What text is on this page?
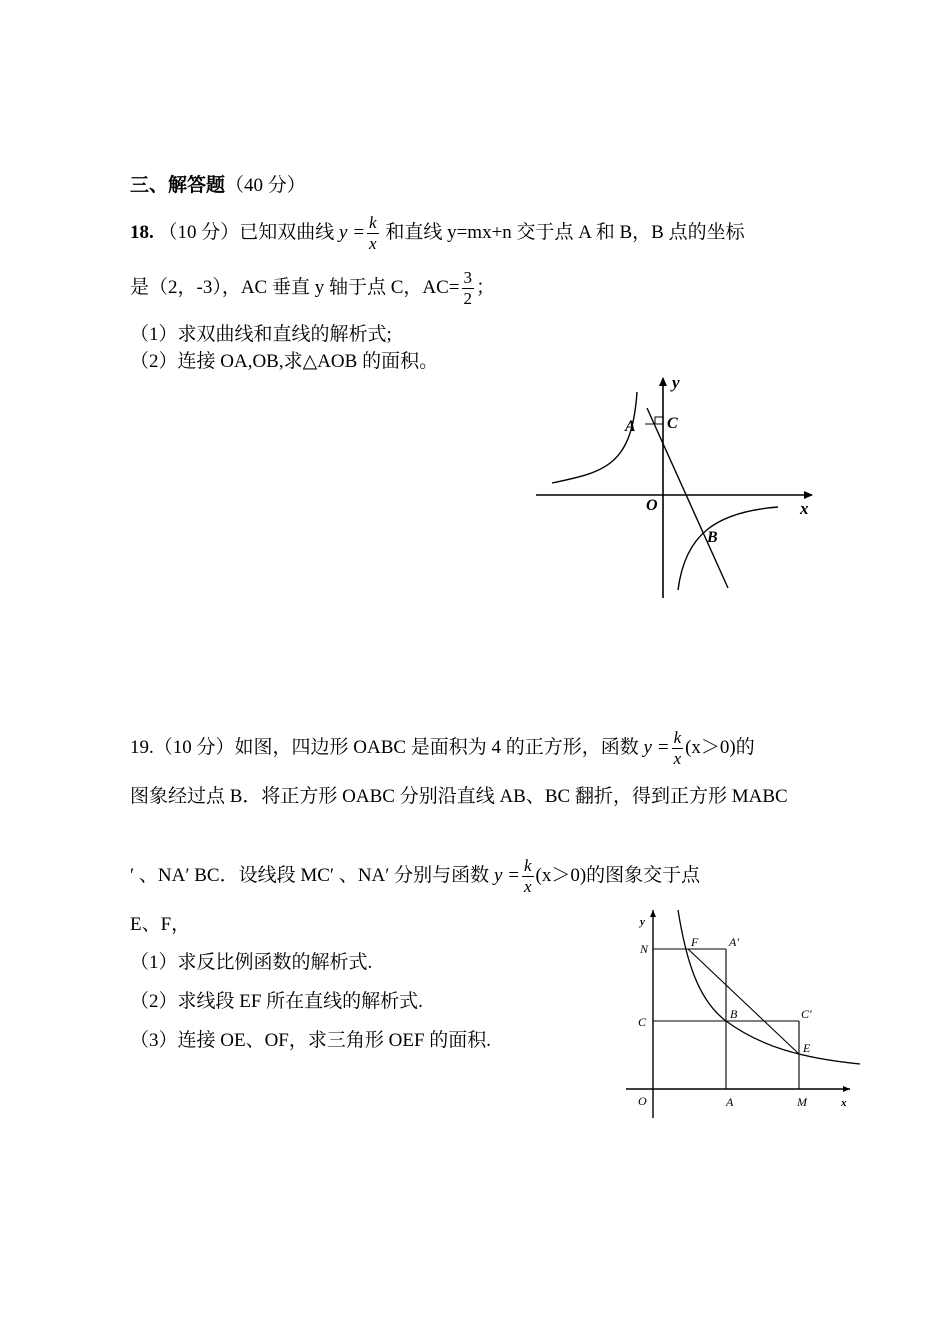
三、解答题（40 分）
18. （10 分）已知双曲线 $y = \frac{k}{x}$ 和直线 y=mx+n 交于点 A 和 B，B 点的坐标
是（2，-3），AC 垂直 y 轴于点 C，$AC= \frac{3}{2}$ ；
（1）求双曲线和直线的解析式;
（2）连接 OA,OB,求△AOB 的面积。
A C
O
B
y
x
19.（10 分）如图，四边形 OABC 是面积为 4 的正方形，函数 $y = \frac{k}{x} (x>0)$的
图象经过点 B．将正方形 OABC 分别沿直线 AB、BC 翻折，得到正方形 MABC
′ 、NA′ BC．设线段 MC′ 、NA′ 分别与函数 $y = \frac{k}{x} (x>0)$的图象交于点
E、F，
（1）求反比例函数的解析式.
（2）求线段 EF 所在直线的解析式.
（3）连接 OE、OF，求三角形 OEF 的面积.
y
N	F	A'
C
B	C'
E
O	A	M	x
